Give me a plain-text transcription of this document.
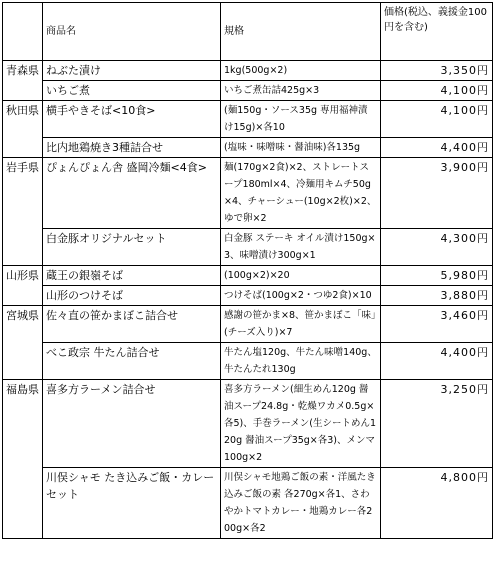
	商品名	規格	価格(税込、義援金100円を含む)
青森県	ねぶた漬け	1kg(500g×2)	3,350円
	いちご煮	いちご煮缶詰425g×3	4,100円
秋田県	横手やきそば<10食>	(麺150g・ソース35g 専用福神漬け15g)×各10	4,100円
	比内地鶏焼き3種詰合せ	(塩味・味噌味・醤油味)各135g	4,400円
岩手県	ぴょんぴょん舎 盛岡冷麺<4食>	麺(170g×2食)×2、ストレートスープ180ml×4、冷麺用キムチ50g×4、チャーシュー(10g×2枚)×2、ゆで卵×2	3,900円
	白金豚オリジナルセット	白金豚 ステーキ オイル漬け150g×3、味噌漬け300g×1	4,300円
山形県	蔵王の銀嶺そば	(100g×2)×20	5,980円
	山形のつけそば	つけそば(100g×2・つゆ2食)×10	3,880円
宮城県	佐々直の笹かまぼこ詰合せ	感謝の笹かま×8、笹かまぼこ「味」(チーズ入り)×7	3,460円
	べこ政宗 牛たん詰合せ	牛たん塩120g、牛たん味噌140g、牛たんたれ130g	4,400円
福島県	喜多方ラーメン詰合せ	喜多方ラーメン(細生めん120g 醤油スープ24.8g・乾燥ワカメ0.5g×各5)、手巻ラーメン(生シートめん120g 醤油スープ35g×各3)、メンマ100g×2	3,250円
	川俣シャモ たき込みご飯・カレーセット	川俣シャモ地鶏ご飯の素・洋風たき込みご飯の素 各270g×各1、さわやかトマトカレー・地鶏カレー各200g×各2	4,800円
